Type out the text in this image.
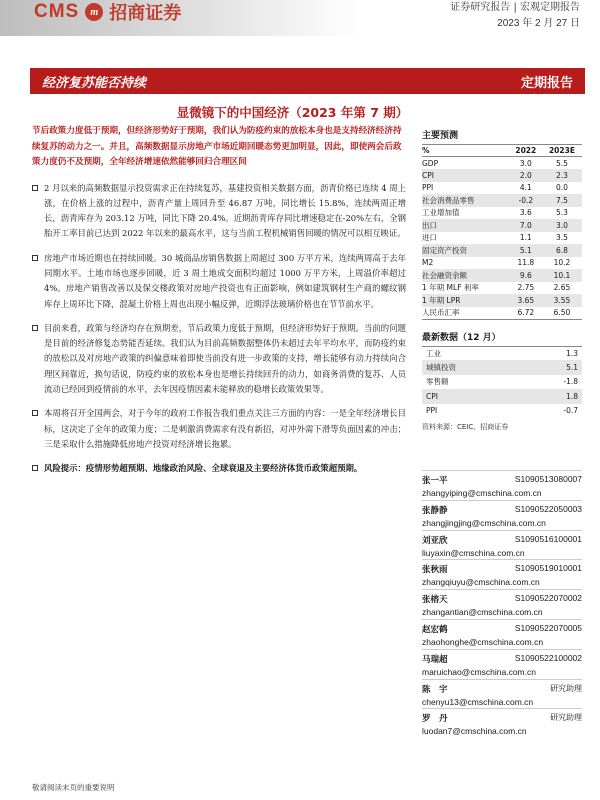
CMS	m 招商证券	证券研究报告 | 宏观定期报告
2023 年 2 月 27 日
经济复苏能否持续	定期报告
显微镜下的中国经济（2023 年第 7 期）
节后政策力度低于预期，但经济形势好于预期，我们认为防疫约束的放松本身也是支持经济经济持续复苏的动力之一。并且，高频数据显示房地产市场近期回暖态势更加明显，因此，即使两会后政策力度仍不及预期，全年经济增速依然能够回归合理区间
2 月以来的高频数据显示投资需求正在持续复苏，基建投资相关数据方面，沥青价格已连续 4 周上涨，在价格上涨的过程中，沥青产量上周回升至 46.87 万吨，同比增长 15.8%，连续两周正增长，沥青库存为 203.12 万吨，同比下降 20.4%。近期沥青库存同比增速稳定在-20%左右，全钢胎开工率目前已达到 2022 年以来的最高水平，这与当前工程机械销售回暖的情况可以相互映证。
房地产市场近期也在持续回暖。30 城商品房销售数据上周超过 300 万平方米，连续两周高于去年同期水平。土地市场也逐步回暖，近 3 周土地成交面积均超过 1000 万平方米，上周溢价率超过 4%。房地产销售改善以及保交楼政策对房地产投资也有正面影响，例如建筑钢材生产商的螺纹钢库存上周环比下降，混凝土价格上周也出现小幅反弹，近期浮法玻璃价格也在节节前水平。
目前来看，政策与经济均存在预期差，节后政策力度低于预期，但经济形势好于预期。当前的问题是目前的经济修复态势能否延续。我们认为目前高频数据整体仍未超过去年平均水平，而防疫约束的放松以及对房地产政策的纠偏意味着即使当前没有进一步政策的支持，增长能够有动力持续向合理区间靠近，换句话说，防疫约束的放松本身也是增长持续回升的动力，如商务消费的复苏、人员流动已经回到疫情前的水平，去年因疫情因素未能释放的稳增长政策效果等。
本周将召开全国两会，对于今年的政府工作报告我们重点关注三方面的内容：一是全年经济增长目标，这决定了全年的政策力度；二是刺激消费需求有没有新招，对冲外需下滑等负面因素的冲击；三是采取什么措施降低房地产投资对经济增长拖累。
风险提示：疫情形势超预期、地缘政治风险、全球衰退及主要经济体货币政策超预期。
主要预测
%	2022	2023E
GDP	3.0	5.5
CPI	2.0	2.3
PPI	4.1	0.0
社会消费品零售	-0.2	7.5
工业增加值	3.6	5.3
出口	7.0	3.0
进口	1.1	3.5
固定资产投资	5.1	6.8
M2	11.8	10.2
社会融资余额	9.6	10.1
1 年期 MLF 利率	2.75	2.65
1 年期 LPR	3.65	3.55
人民币汇率	6.72	6.50
最新数据（12 月）
工业	1.3
城镇投资	5.1
零售额	-1.8
CPI	1.8
PPI	-0.7
资料来源：CEIC、招商证券
张一平	S1090513080007
zhangyiping@cmschina.com.cn
张静静	S1090522050003
zhangjingjing@cmschina.com.cn
刘亚欣	S1090516100001
liuyaxin@cmschina.com.cn
张秋雨	S1090519010001
zhangqiuyu@cmschina.com.cn
张榕天	S1090522070002
zhangantian@cmschina.com.cn
赵宏鹤	S1090522070005
zhaohonghe@cmschina.com.cn
马瑞超	S1090522100002
maruichao@cmschina.com.cn
陈　宇	研究助理
chenyu13@cmschina.com.cn
罗　丹	研究助理
luodan7@cmschina.com.cn
敬请阅读末页的重要说明
